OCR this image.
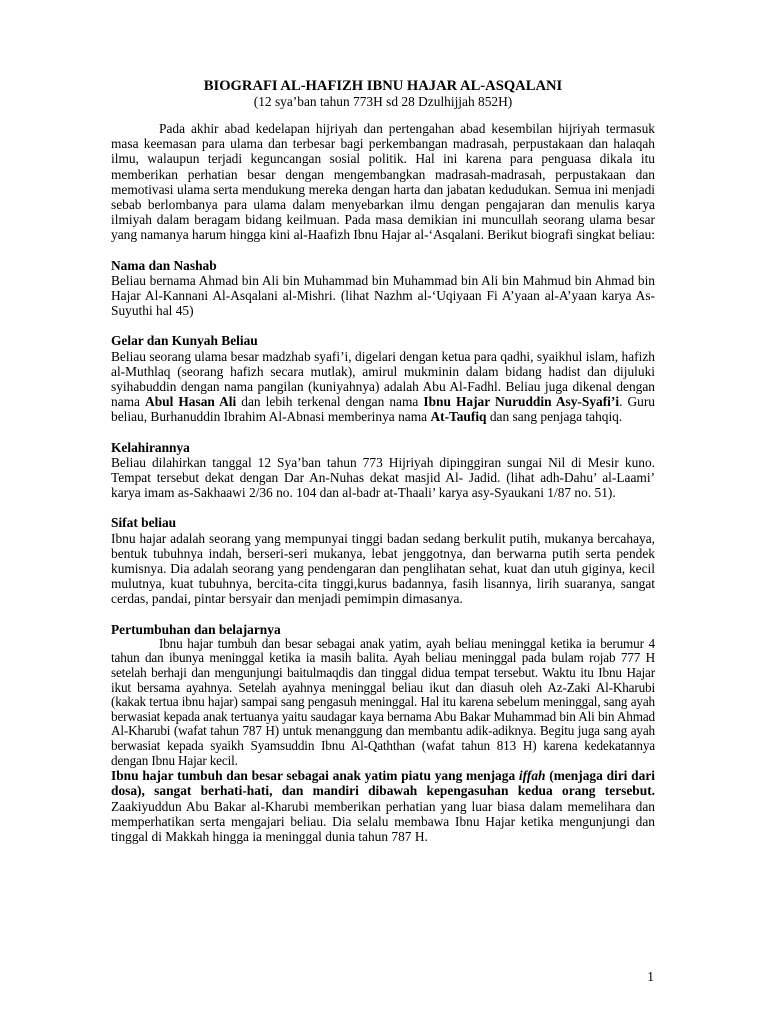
BIOGRAFI AL-HAFIZH IBNU HAJAR AL-ASQALANI
(12 sya’ban tahun 773H sd 28 Dzulhijjah 852H)

Pada akhir abad kedelapan hijriyah dan pertengahan abad kesembilan hijriyah termasuk masa keemasan para ulama dan terbesar bagi perkembangan madrasah, perpustakaan dan halaqah ilmu, walaupun terjadi keguncangan sosial politik. Hal ini karena para penguasa dikala itu memberikan perhatian besar dengan mengembangkan madrasah-madrasah, perpustakaan dan memotivasi ulama serta mendukung mereka dengan harta dan jabatan kedudukan. Semua ini menjadi sebab berlombanya para ulama dalam menyebarkan ilmu dengan pengajaran dan menulis karya ilmiyah dalam beragam bidang keilmuan. Pada masa demikian ini muncullah seorang ulama besar yang namanya harum hingga kini al-Haafizh Ibnu Hajar al-‘Asqalani. Berikut biografi singkat beliau:

Nama dan Nashab

Beliau bernama Ahmad bin Ali bin Muhammad bin Muhammad bin Ali bin Mahmud bin Ahmad bin Hajar Al-Kannani Al-Asqalani al-Mishri. (lihat Nazhm al-‘Uqiyaan Fi A’yaan al-A’yaan karya As-Suyuthi hal 45)

Gelar dan Kunyah Beliau

Beliau seorang ulama besar madzhab syafi’i, digelari dengan ketua para qadhi, syaikhul islam, hafizh al-Muthlaq (seorang hafizh secara mutlak), amirul mukminin dalam bidang hadist dan dijuluki syihabuddin dengan nama pangilan (kuniyahnya) adalah Abu Al-Fadhl. Beliau juga dikenal dengan nama Abul Hasan Ali dan lebih terkenal dengan nama Ibnu Hajar Nuruddin Asy-Syafi’i. Guru beliau, Burhanuddin Ibrahim Al-Abnasi memberinya nama At-Taufiq dan sang penjaga tahqiq.

Kelahirannya

Beliau dilahirkan tanggal 12 Sya’ban tahun 773 Hijriyah dipinggiran sungai Nil di Mesir kuno. Tempat tersebut dekat dengan Dar An-Nuhas dekat masjid Al- Jadid. (lihat adh-Dahu’ al-Laami’ karya imam as-Sakhaawi 2/36 no. 104 dan al-badr at-Thaali’ karya asy-Syaukani 1/87 no. 51).

Sifat beliau

Ibnu hajar adalah seorang yang mempunyai tinggi badan sedang berkulit putih, mukanya bercahaya, bentuk tubuhnya indah, berseri-seri mukanya, lebat jenggotnya, dan berwarna putih serta pendek kumisnya. Dia adalah seorang yang pendengaran dan penglihatan sehat, kuat dan utuh giginya, kecil mulutnya, kuat tubuhnya, bercita-cita tinggi,kurus badannya, fasih lisannya, lirih suaranya, sangat cerdas, pandai, pintar bersyair dan menjadi pemimpin dimasanya.

Pertumbuhan dan belajarnya

Ibnu hajar tumbuh dan besar sebagai anak yatim, ayah beliau meninggal ketika ia berumur 4 tahun dan ibunya meninggal ketika ia masih balita. Ayah beliau meninggal pada bulam rojab 777 H setelah berhaji dan mengunjungi baitulmaqdis dan tinggal didua tempat tersebut. Waktu itu Ibnu Hajar ikut bersama ayahnya. Setelah ayahnya meninggal beliau ikut dan diasuh oleh Az-Zaki Al-Kharubi (kakak tertua ibnu hajar) sampai sang pengasuh meninggal. Hal itu karena sebelum meninggal, sang ayah berwasiat kepada anak tertuanya yaitu saudagar kaya bernama Abu Bakar Muhammad bin Ali bin Ahmad Al-Kharubi (wafat tahun 787 H) untuk menanggung dan membantu adik-adiknya. Begitu juga sang ayah berwasiat kepada syaikh Syamsuddin Ibnu Al-Qaththan (wafat tahun 813 H) karena kedekatannya dengan Ibnu Hajar kecil.

Ibnu hajar tumbuh dan besar sebagai anak yatim piatu yang menjaga iffah (menjaga diri dari dosa), sangat berhati-hati, dan mandiri dibawah kepengasuhan kedua orang tersebut. Zaakiyuddun Abu Bakar al-Kharubi memberikan perhatian yang luar biasa dalam memelihara dan memperhatikan serta mengajari beliau. Dia selalu membawa Ibnu Hajar ketika mengunjungi dan tinggal di Makkah hingga ia meninggal dunia tahun 787 H.

1
